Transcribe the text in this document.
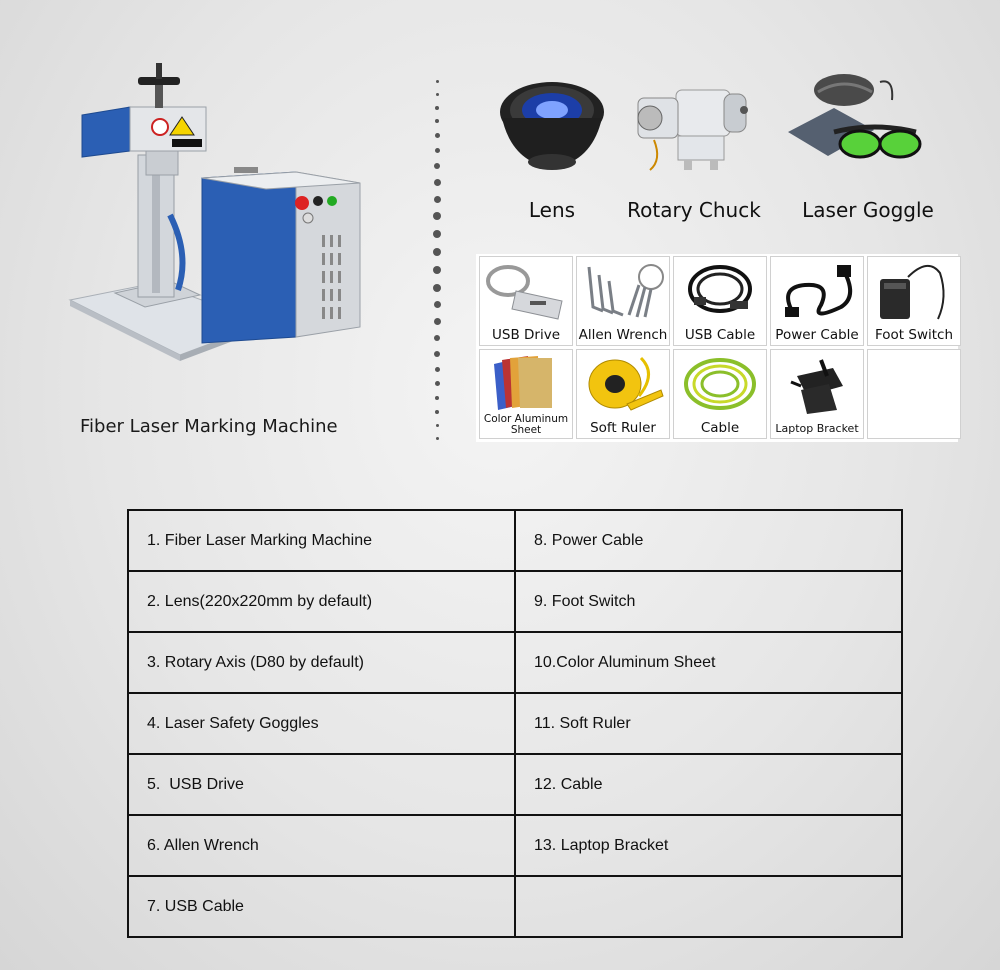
Fiber Laser Marking Machine
Lens	Rotary Chuck	Laser Goggle
USB Drive	Allen Wrench	USB Cable	Power Cable	Foot Switch
Color Aluminum Sheet	Soft Ruler	Cable	Laptop Bracket
1. Fiber Laser Marking Machine	8. Power Cable
2. Lens(220x220mm by default)	9. Foot Switch
3. Rotary Axis (D80 by default)	10.Color Aluminum Sheet
4. Laser Safety Goggles	11. Soft Ruler
5.  USB Drive	12. Cable
6. Allen Wrench	13. Laptop Bracket
7. USB Cable	
